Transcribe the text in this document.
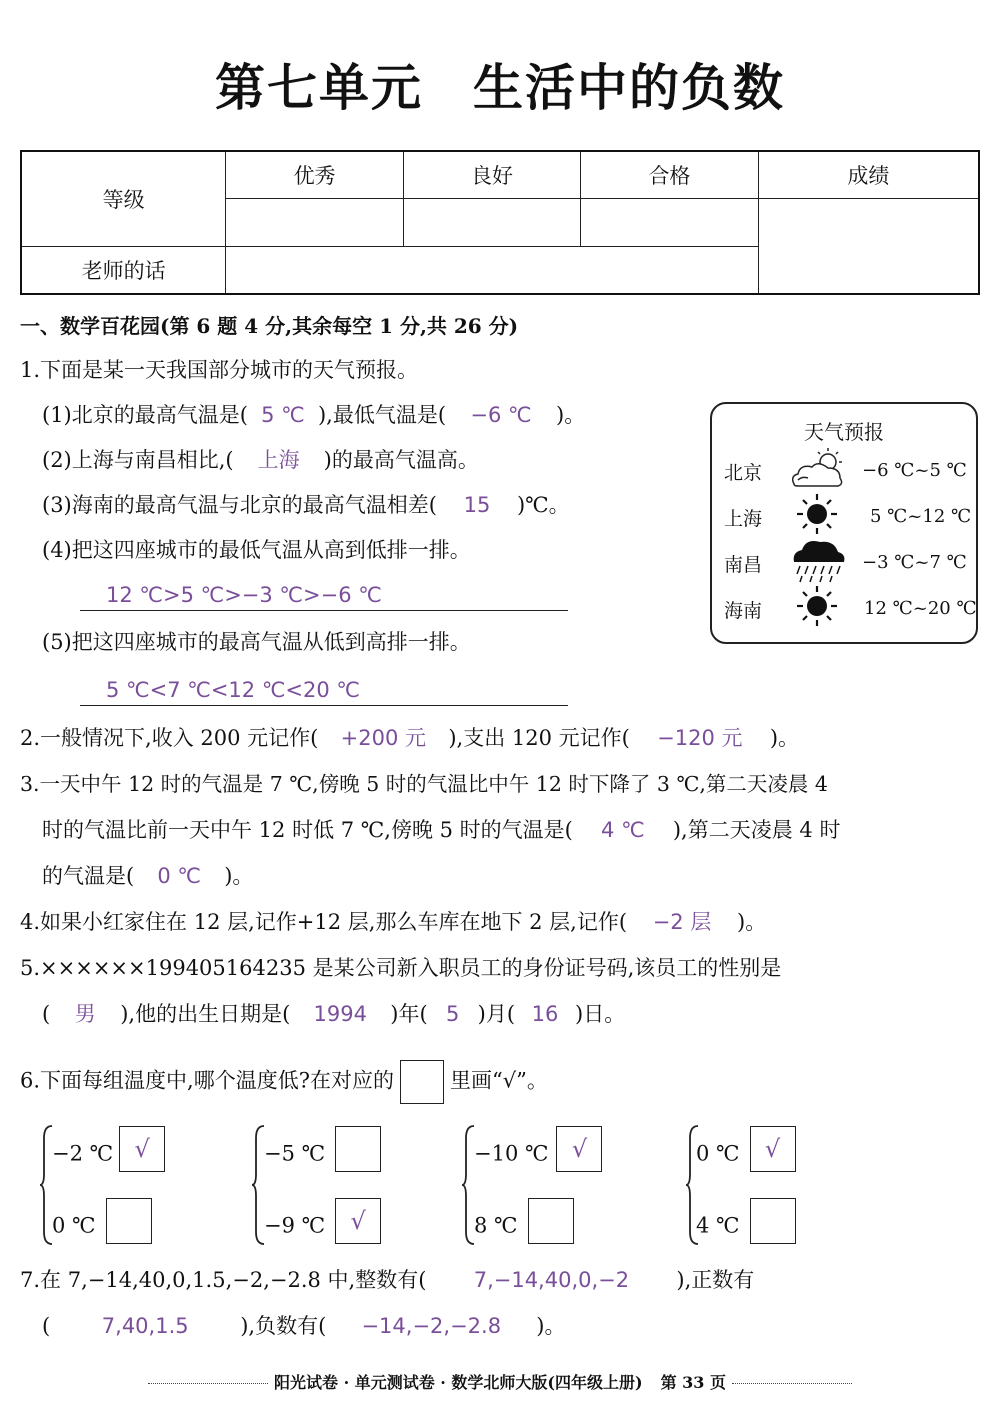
第七单元 生活中的负数
等级	优秀	良好	合格	成绩

老师的话				
一、数学百花园(第 6 题 4 分,其余每空 1 分,共 26 分)
1.下面是某一天我国部分城市的天气预报。
(1)北京的最高气温是( 5 ℃ ),最低气温是( −6 ℃ )。
(2)上海与南昌相比,( 上海 )的最高气温高。
(3)海南的最高气温与北京的最高气温相差( 15 )℃。
(4)把这四座城市的最低气温从高到低排一排。
12 ℃>5 ℃>−3 ℃>−6 ℃
(5)把这四座城市的最高气温从低到高排一排。
5 ℃<7 ℃<12 ℃<20 ℃
天气预报
北京	−6 ℃~5 ℃
上海	5 ℃~12 ℃
南昌	−3 ℃~7 ℃
海南	12 ℃~20 ℃
2.一般情况下,收入 200 元记作( +200 元 ),支出 120 元记作( −120 元 )。
3.一天中午 12 时的气温是 7 ℃,傍晚 5 时的气温比中午 12 时下降了 3 ℃,第二天凌晨 4
时的气温比前一天中午 12 时低 7 ℃,傍晚 5 时的气温是( 4 ℃ ),第二天凌晨 4 时
的气温是( 0 ℃ )。
4.如果小红家住在 12 层,记作+12 层,那么车库在地下 2 层,记作( −2 层 )。
5.××××××199405164235 是某公司新入职员工的身份证号码,该员工的性别是
( 男 ),他的出生日期是( 1994 )年( 5 )月( 16 )日。
6.下面每组温度中,哪个温度低?在对应的	里画“√”。
−2 ℃ √
0 ℃
−5 ℃
−9 ℃ √
−10 ℃ √
8 ℃
0 ℃ √
4 ℃
7.在 7,−14,40,0,1.5,−2,−2.8 中,整数有( 7,−14,40,0,−2 ),正数有
( 7,40,1.5 ),负数有( −14,−2,−2.8 )。
阳光试卷 · 单元测试卷 · 数学北师大版(四年级上册) 第 33 页
